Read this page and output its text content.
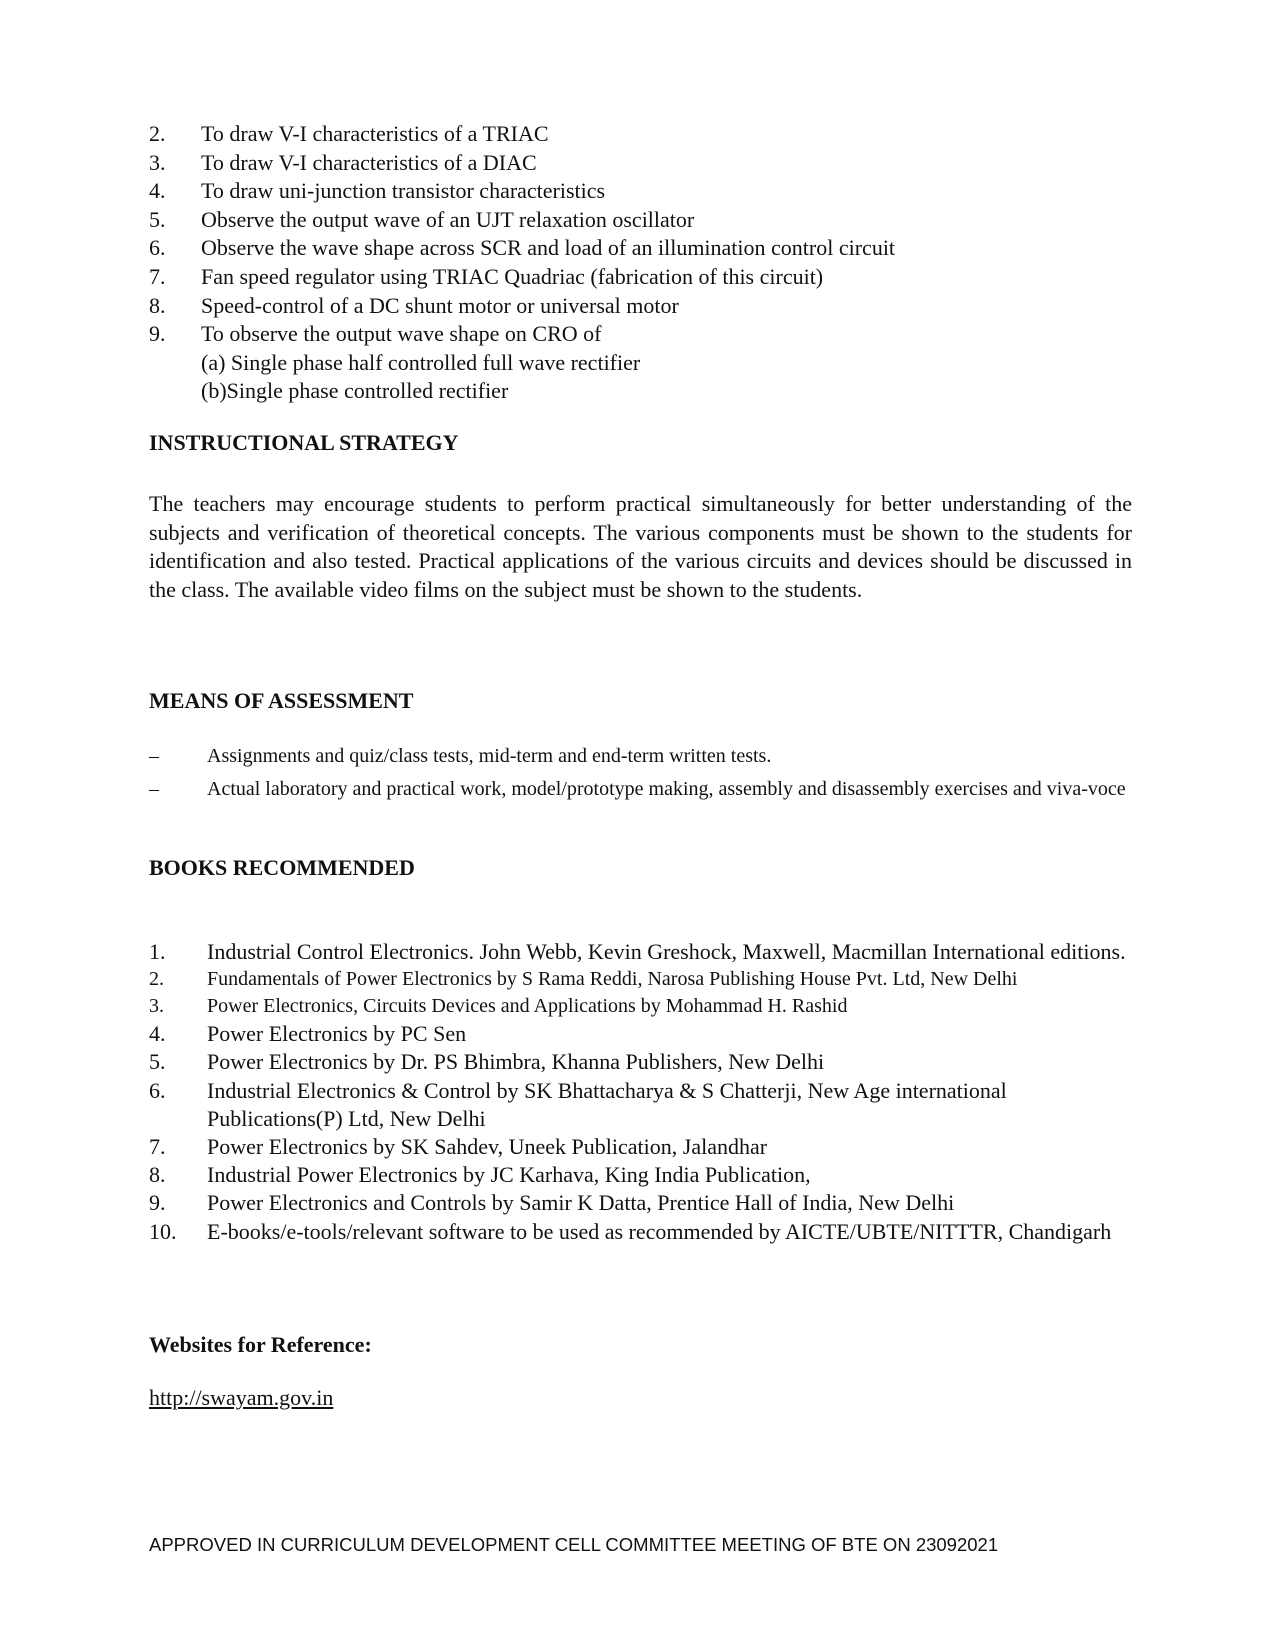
2.	To draw V-I characteristics of a TRIAC
3.	To draw V-I characteristics of a DIAC
4.	To draw uni-junction transistor characteristics
5.	Observe the output wave of an UJT relaxation oscillator
6.	Observe the wave shape across SCR and load of an illumination control circuit
7.	Fan speed regulator using TRIAC Quadriac (fabrication of this circuit)
8.	Speed-control of a DC shunt motor or universal motor
9.	To observe the output wave shape on CRO of
(a) Single phase half controlled full wave rectifier
(b)Single phase controlled rectifier
INSTRUCTIONAL STRATEGY

The teachers may encourage students to perform practical simultaneously for better understanding of the subjects and verification of theoretical concepts. The various components must be shown to the students for identification and also tested. Practical applications of the various circuits and devices should be discussed in the class. The available video films on the subject must be shown to the students.

MEANS OF ASSESSMENT
–	Assignments and quiz/class tests, mid-term and end-term written tests.
–	Actual laboratory and practical work, model/prototype making, assembly and disassembly exercises and viva-voce
BOOKS RECOMMENDED
1.	Industrial Control Electronics. John Webb, Kevin Greshock, Maxwell, Macmillan International editions.
2.	Fundamentals of Power Electronics by S Rama Reddi, Narosa Publishing House Pvt. Ltd, New Delhi
3.	Power Electronics, Circuits Devices and Applications by Mohammad H. Rashid
4.	Power Electronics by PC Sen
5.	Power Electronics by Dr. PS Bhimbra, Khanna Publishers, New Delhi
6.	Industrial Electronics & Control by SK Bhattacharya & S Chatterji, New Age international Publications(P) Ltd, New Delhi
7.	Power Electronics by SK Sahdev, Uneek Publication, Jalandhar
8.	Industrial Power Electronics by JC Karhava, King India Publication,
9.	Power Electronics and Controls by Samir K Datta, Prentice Hall of India, New Delhi
10.	E-books/e-tools/relevant software to be used as recommended by AICTE/UBTE/NITTTR, Chandigarh
Websites for Reference:
http://swayam.gov.in
APPROVED IN CURRICULUM DEVELOPMENT CELL COMMITTEE MEETING OF BTE ON 23092021
